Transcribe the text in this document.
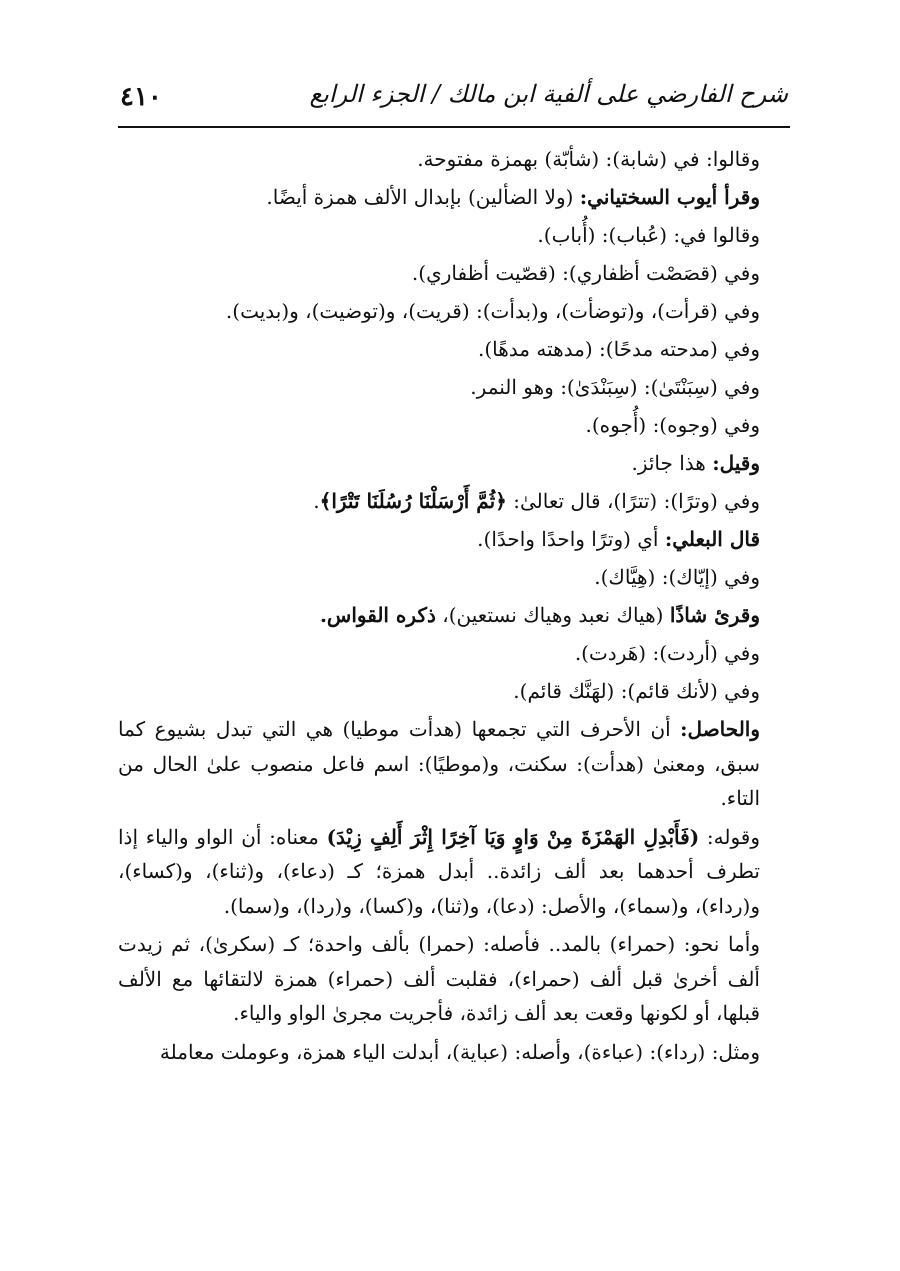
٤١٠	شرح الفارضي على ألفية ابن مالك / الجزء الرابع
وقالوا: في (شابة): (شأبّة) بهمزة مفتوحة.
وقرأ أيوب السختياني: (ولا الضألين) بإبدال الألف همزة أيضًا.
وقالوا في: (عُباب): (أُباب).
وفي (قصَصْت أظفاري): (قصّيت أظفاري).
وفي (قرأت)، و(توضأت)، و(بدأت): (قريت)، و(توضيت)، و(بديت).
وفي (مدحته مدحًا): (مدهته مدهًا).
وفي (سِبَنْتَىٰ): (سِبَنْدَىٰ): وهو النمر.
وفي (وجوه): (أُجوه).
وقيل: هذا جائز.
وفي (وترًا): (تترًا)، قال تعالىٰ: ﴿ثُمَّ أَرْسَلْنَا رُسُلَنَا تَتْرًا﴾.
قال البعلي: أي (وترًا واحدًا واحدًا).
وفي (إيّاك): (هِيَّاك).
وقرئ شاذًا (هياك نعبد وهياك نستعين)، ذكره القواس.
وفي (أردت): (هَردت).
وفي (لأنك قائم): (لهَنَّك قائم).
والحاصل: أن الأحرف التي تجمعها (هدأت موطيا) هي التي تبدل بشيوع كما سبق، ومعنىٰ (هدأت): سكنت، و(موطيًا): اسم فاعل منصوب علىٰ الحال من التاء.
وقوله: (فَأَبْدِلِ الهَمْزَةَ مِنْ وَاوٍ وَيَا آخِرًا إِثْرَ أَلِفٍ زِيْدَ) معناه: أن الواو والياء إذا تطرف أحدهما بعد ألف زائدة.. أبدل همزة؛ كـ (دعاء)، و(ثناء)، و(كساء)، و(رداء)، و(سماء)، والأصل: (دعا)، و(ثنا)، و(كسا)، و(ردا)، و(سما).
وأما نحو: (حمراء) بالمد.. فأصله: (حمرا) بألف واحدة؛ كـ (سكرىٰ)، ثم زيدت ألف أخرىٰ قبل ألف (حمراء)، فقلبت ألف (حمراء) همزة لالتقائها مع الألف قبلها، أو لكونها وقعت بعد ألف زائدة، فأجريت مجرىٰ الواو والياء.
ومثل: (رداء): (عباءة)، وأصله: (عباية)، أبدلت الياء همزة، وعوملت معاملة
